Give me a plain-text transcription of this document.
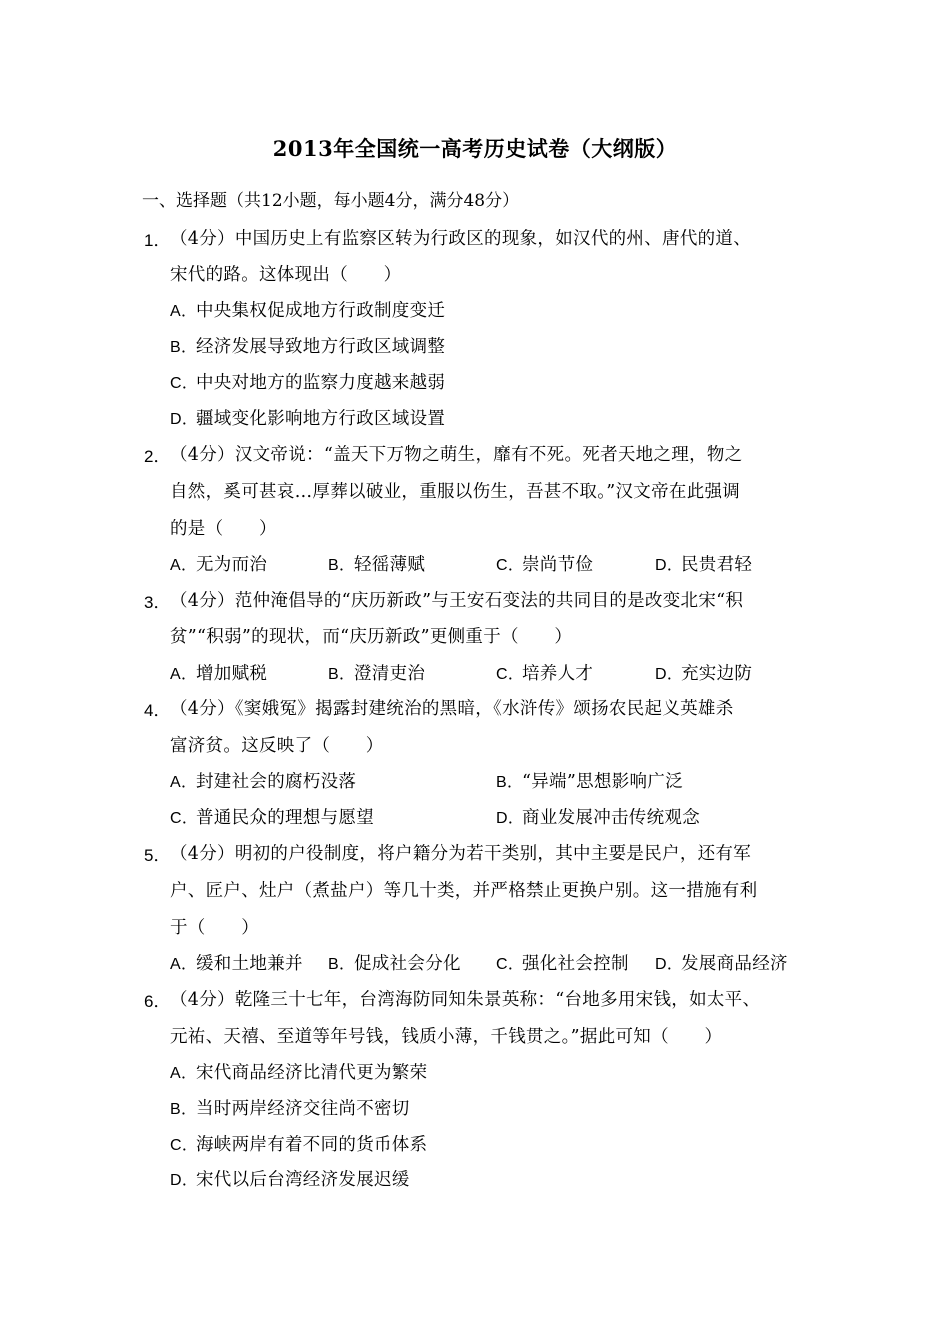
2013年全国统一高考历史试卷（大纲版）
一、选择题（共12小题，每小题4分，满分48分）
1． （4分）中国历史上有监察区转为行政区的现象，如汉代的州、唐代的道、
宋代的路。这体现出（　　）
A．中央集权促成地方行政制度变迁
B．经济发展导致地方行政区域调整
C．中央对地方的监察力度越来越弱
D．疆域变化影响地方行政区域设置
2． （4分）汉文帝说：“盖天下万物之萌生，靡有不死。死者天地之理，物之
自然，奚可甚哀…厚葬以破业，重服以伤生，吾甚不取。”汉文帝在此强调
的是（　　）
A．无为而治	B．轻徭薄赋	C．崇尚节俭	D．民贵君轻
3． （4分）范仲淹倡导的“庆历新政”与王安石变法的共同目的是改变北宋“积
贫”“积弱”的现状，而“庆历新政”更侧重于（　　）
A．增加赋税	B．澄清吏治	C．培养人才	D．充实边防
4． （4分）《窦娥冤》揭露封建统治的黑暗，《水浒传》颂扬农民起义英雄杀
富济贫。这反映了（　　）
A．封建社会的腐朽没落	B．“异端”思想影响广泛
C．普通民众的理想与愿望	D．商业发展冲击传统观念
5． （4分）明初的户役制度，将户籍分为若干类别，其中主要是民户，还有军
户、匠户、灶户（煮盐户）等几十类，并严格禁止更换户别。这一措施有利
于（　　）
A．缓和土地兼并 B．促成社会分化 C．强化社会控制 D．发展商品经济
6． （4分）乾隆三十七年，台湾海防同知朱景英称：“台地多用宋钱，如太平、
元祐、天禧、至道等年号钱，钱质小薄，千钱贯之。”据此可知（　　）
A．宋代商品经济比清代更为繁荣
B．当时两岸经济交往尚不密切
C．海峡两岸有着不同的货币体系
D．宋代以后台湾经济发展迟缓
